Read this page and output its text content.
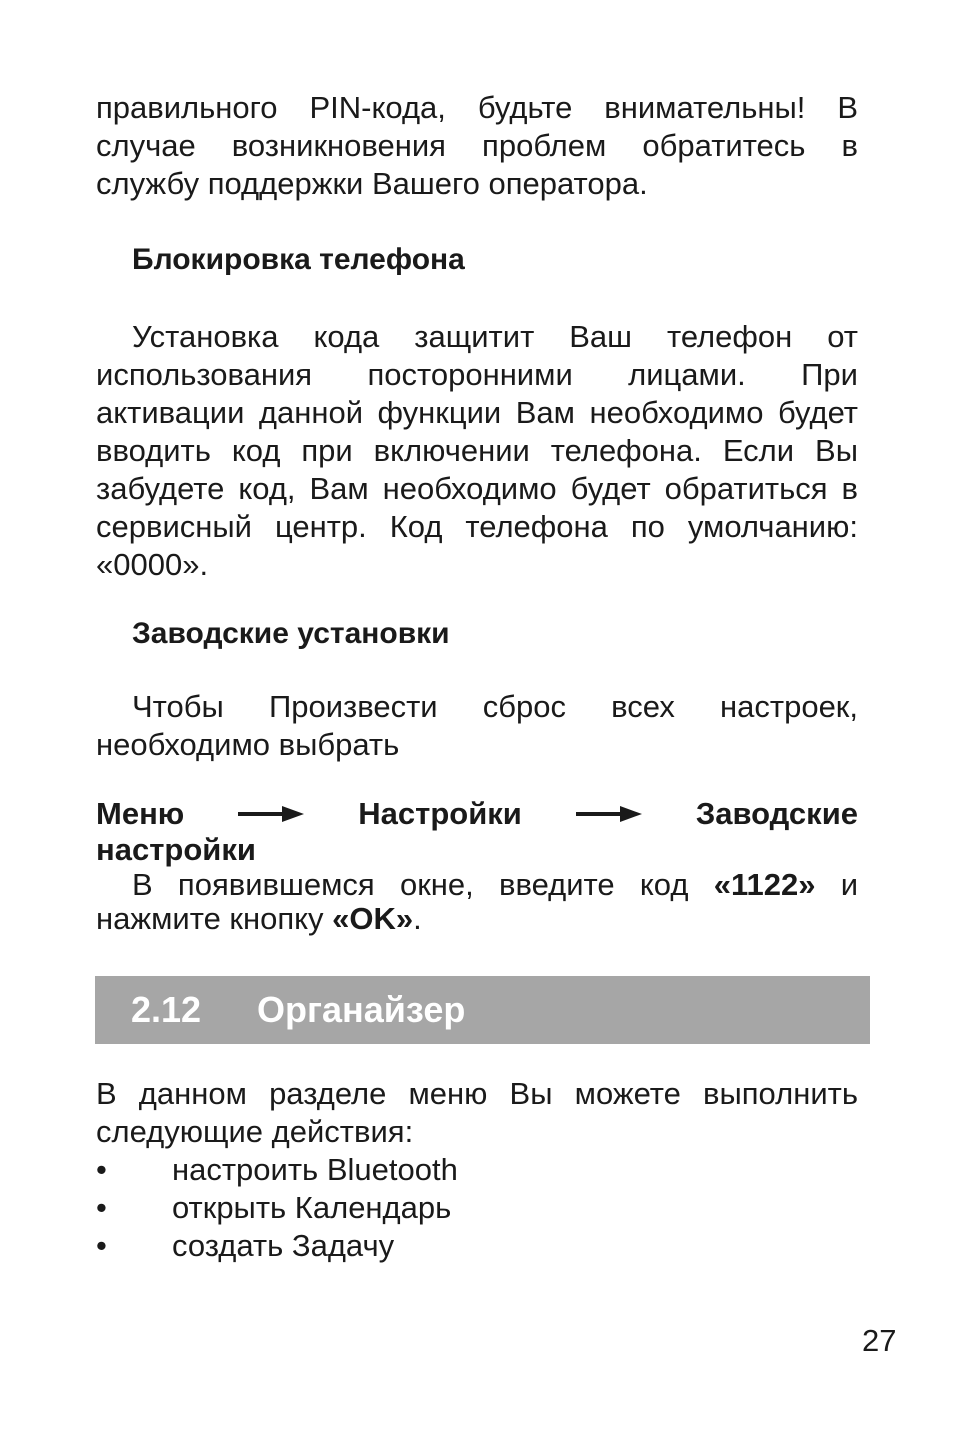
правильного PIN-кода, будьте внимательны! В случае возникновения проблем обратитесь в службу поддержки Вашего оператора.

Блокировка телефона

Установка кода защитит Ваш телефон от использования посторонними лицами. При активации данной функции Вам необходимо будет вводить код при включении телефона. Если Вы забудете код, Вам необходимо будет обратиться в сервисный центр. Код телефона по умолчанию: «0000».

Заводские установки

Чтобы Произвести сброс всех настроек, необходимо выбрать

Меню	Настройки	Заводские
настройки

В появившемся окне, введите код «1122» и нажмите кнопку «OK».

2.12	Органайзер

В данном разделе меню Вы можете выполнить следующие действия:

•	настроить Bluetooth
•	открыть Календарь
•	создать Задачу
27
